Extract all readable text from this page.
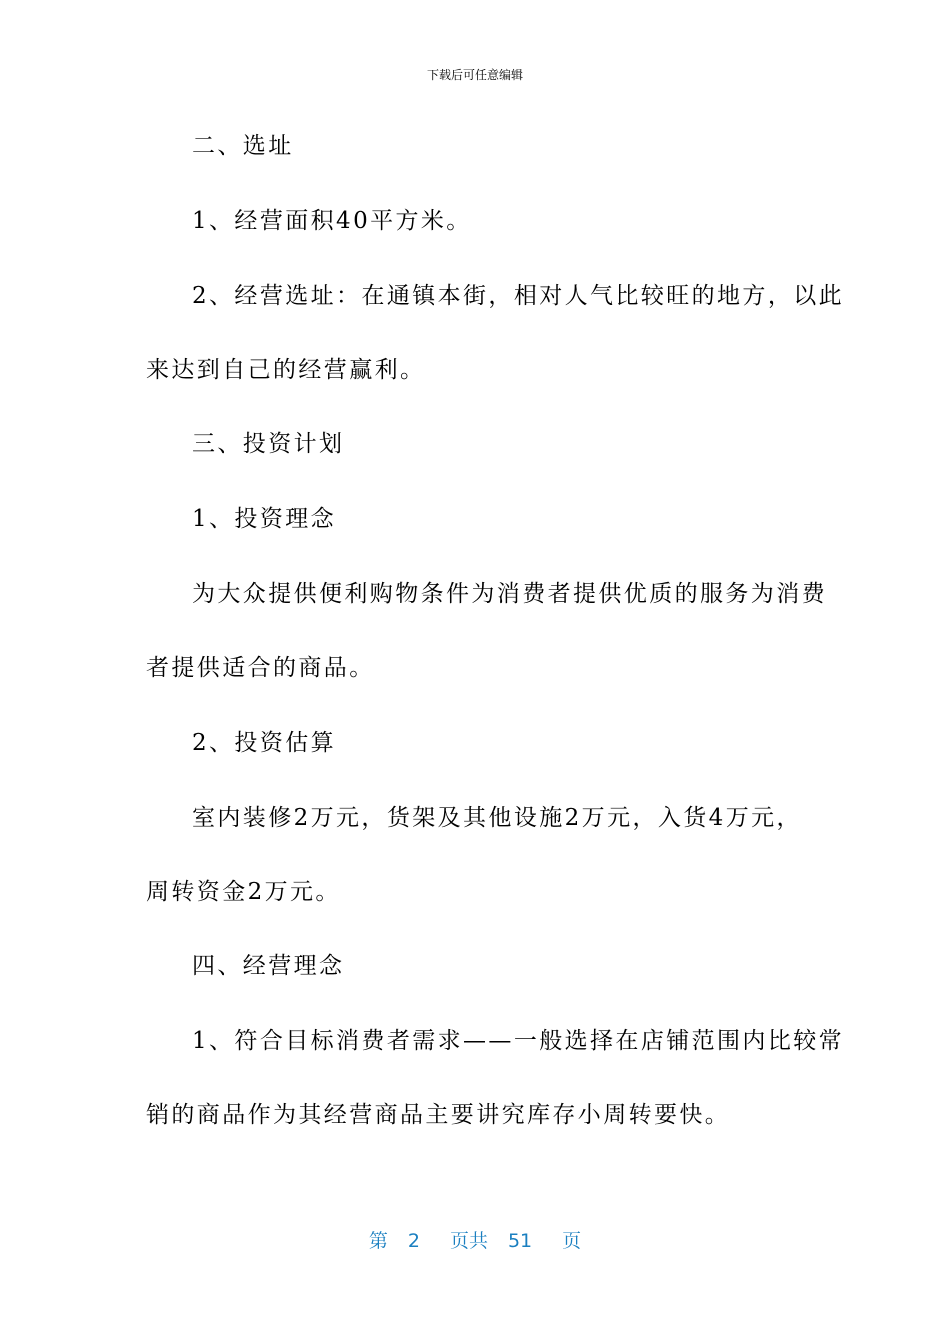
下载后可任意编辑
二、选址
1、经营面积40平方米。
2、经营选址：在通镇本街，相对人气比较旺的地方，以此
来达到自己的经营赢利。
三、投资计划
1、投资理念
为大众提供便利购物条件为消费者提供优质的服务为消费
者提供适合的商品。
2、投资估算
室内装修2万元，货架及其他设施2万元，入货4万元，
周转资金2万元。
四、经营理念
1、符合目标消费者需求——一般选择在店铺范围内比较常
销的商品作为其经营商品主要讲究库存小周转要快。
第 2 页共 51 页
